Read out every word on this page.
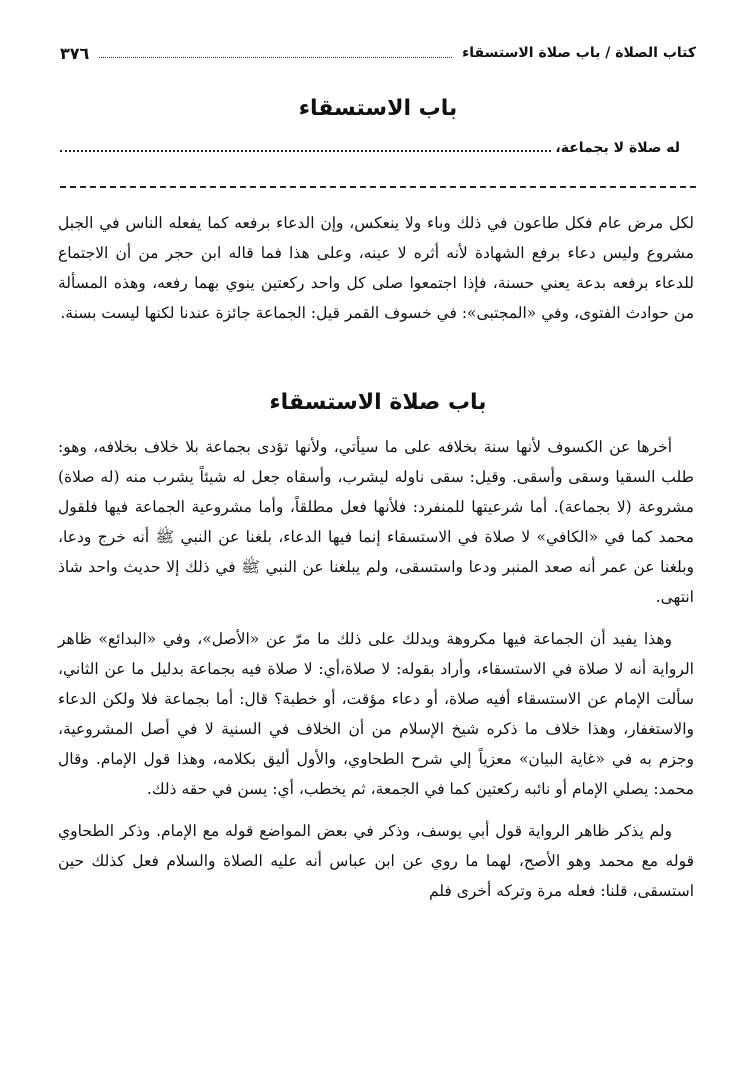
كتاب الصلاة / باب صلاة الاستسقاء
٣٧٦
باب الاستسقاء
له صلاة لا بجماعة،

لكل مرض عام فكل طاعون في ذلك وباء ولا ينعكس، وإن الدعاء برفعه كما يفعله الناس في الجبل مشروع وليس دعاء برفع الشهادة لأنه أثره لا عينه، وعلى هذا فما قاله ابن حجر من أن الاجتماع للدعاء برفعه بدعة يعني حسنة، فإذا اجتمعوا صلى كل واحد ركعتين ينوي بهما رفعه، وهذه المسألة من حوادث الفتوى، وفي «المجتبى»: في خسوف القمر قيل: الجماعة جائزة عندنا لكنها ليست بسنة.

باب صلاة الاستسقاء

أخرها عن الكسوف لأنها سنة بخلافه على ما سيأتي، ولأنها تؤدى بجماعة بلا خلاف بخلافه، وهو: طلب السقيا وسقى وأسقى. وقيل: سقى ناوله ليشرب، وأسقاه جعل له شيئاً يشرب منه (له صلاة) مشروعة (لا بجماعة). أما شرعيتها للمنفرد: فلأنها فعل مطلقاً، وأما مشروعية الجماعة فيها فلقول محمد كما في «الكافي» لا صلاة في الاستسقاء إنما فيها الدعاء، بلغنا عن النبي ﷺ أنه خرج ودعا، وبلغنا عن عمر أنه صعد المنبر ودعا واستسقى، ولم يبلغنا عن النبي ﷺ في ذلك إلا حديث واحد شاذ انتهى.

وهذا يفيد أن الجماعة فيها مكروهة ويدلك على ذلك ما مرّ عن «الأصل»، وفي «البدائع» ظاهر الرواية أنه لا صلاة في الاستسقاء، وأراد بقوله: لا صلاة،أي: لا صلاة فيه بجماعة بدليل ما عن الثاني، سألت الإمام عن الاستسقاء أفيه صلاة، أو دعاء مؤقت، أو خطبة؟ قال: أما بجماعة فلا ولكن الدعاء والاستغفار، وهذا خلاف ما ذكره شيخ الإسلام من أن الخلاف في السنية لا في أصل المشروعية، وجزم به في «غاية البيان» معزياً إلي شرح الطحاوي، والأول أليق بكلامه، وهذا قول الإمام. وقال محمد: يصلي الإمام أو نائبه ركعتين كما في الجمعة، ثم يخطب، أي: يسن في حقه ذلك.

ولم يذكر ظاهر الرواية قول أبي يوسف، وذكر في بعض المواضع قوله مع الإمام. وذكر الطحاوي قوله مع محمد وهو الأصح، لهما ما روي عن ابن عباس أنه عليه الصلاة والسلام فعل كذلك حين استسقى، قلنا: فعله مرة وتركه أخرى فلم
